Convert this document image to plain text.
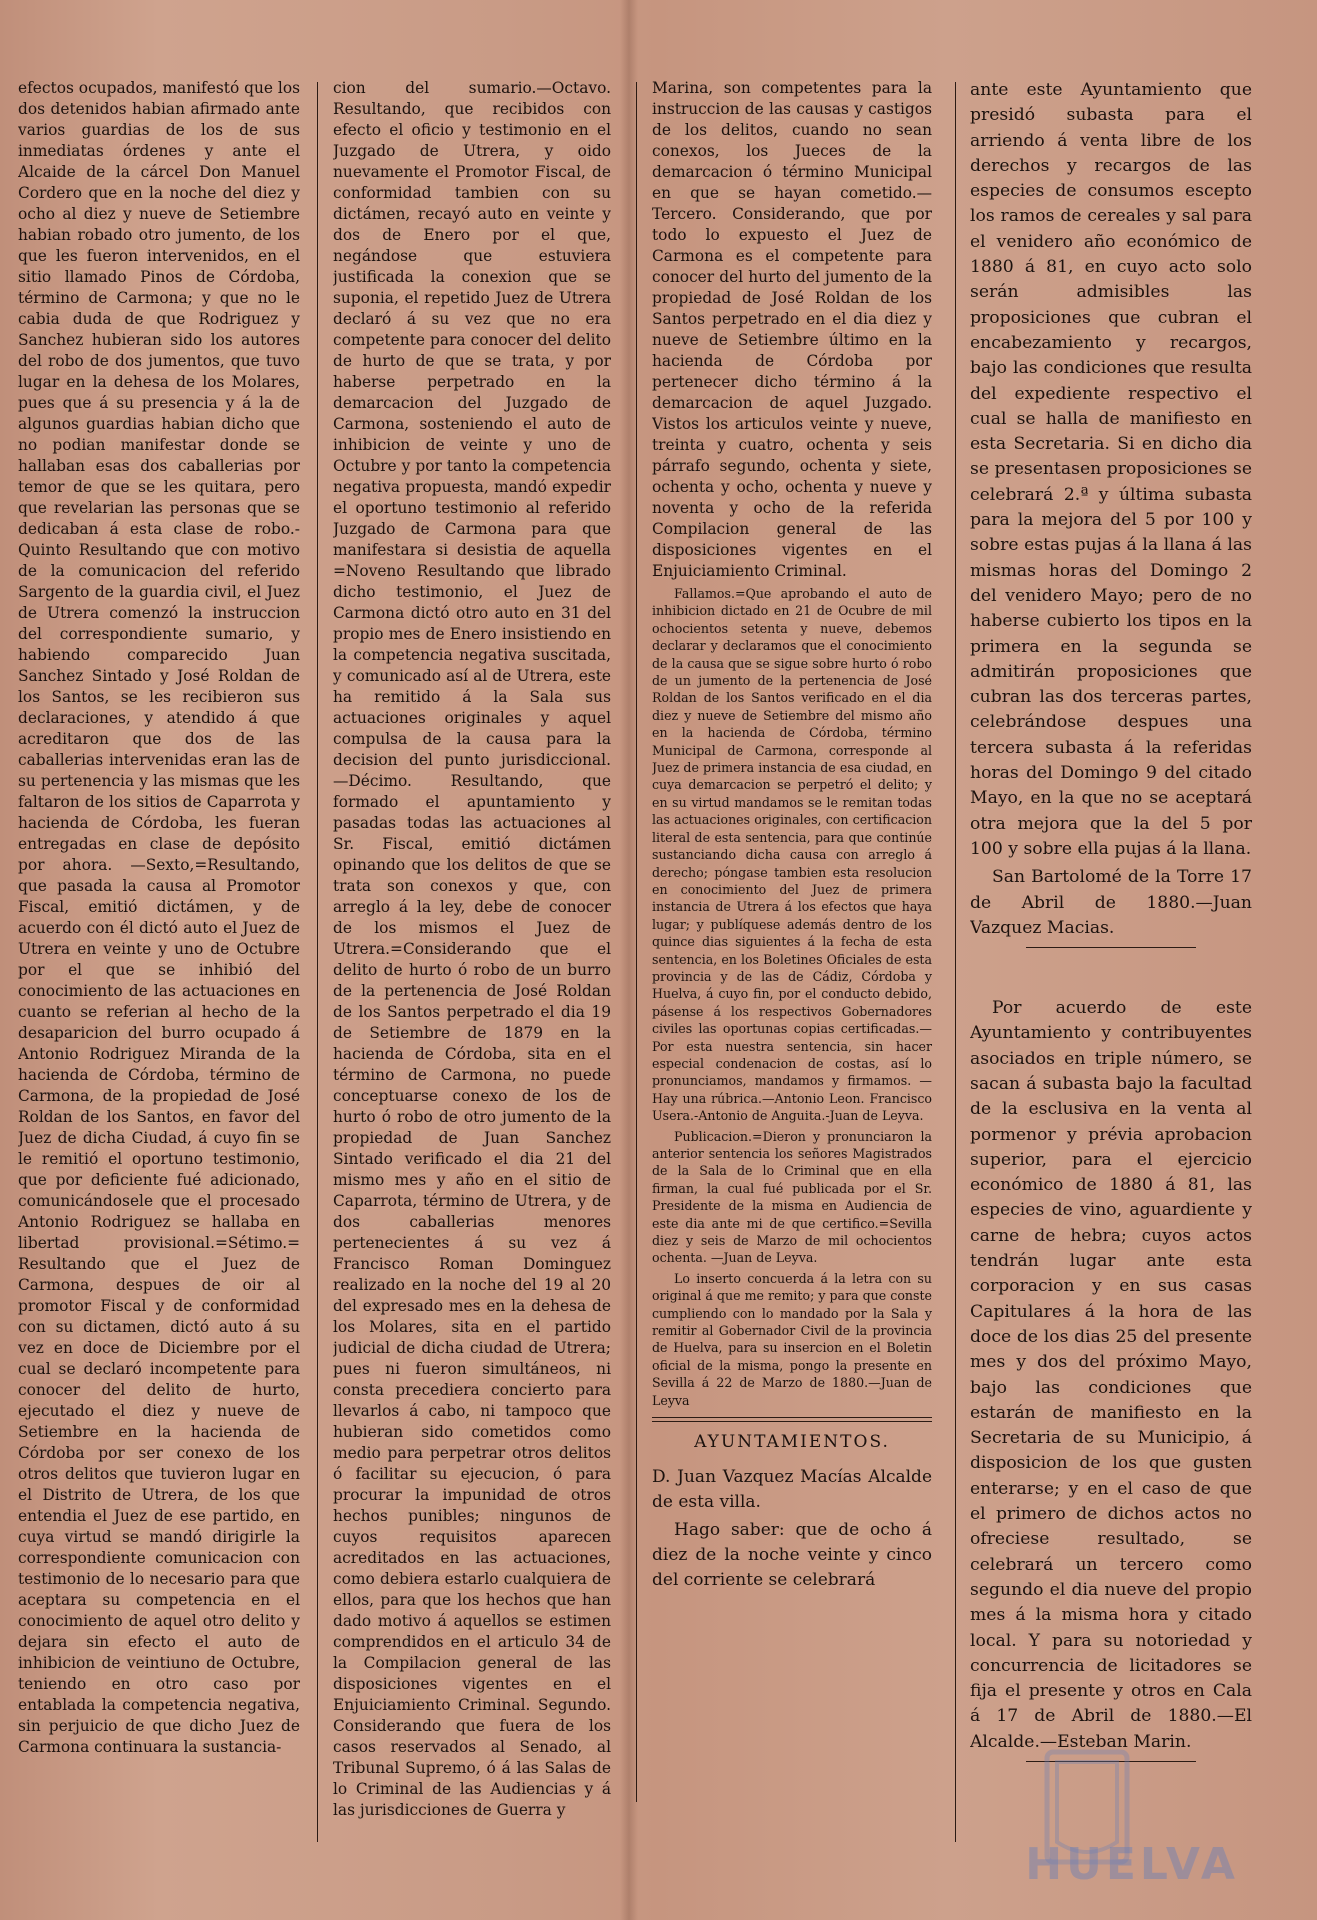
efectos ocupados, manifestó que los dos detenidos habian afirmado ante varios guardias de los de sus inmediatas órdenes y ante el Alcaide de la cárcel Don Manuel Cordero que en la noche del diez y ocho al diez y nueve de Setiembre habian robado otro jumento, de los que les fueron intervenidos, en el sitio llamado Pinos de Córdoba, término de Carmona; y que no le cabia duda de que Rodriguez y Sanchez hubieran sido los autores del robo de dos jumentos, que tuvo lugar en la dehesa de los Molares, pues que á su presencia y á la de algunos guardias habian dicho que no podian manifestar donde se hallaban esas dos caballerias por temor de que se les quitara, pero que revelarian las personas que se dedicaban á esta clase de robo.-Quinto Resultando que con motivo de la comunicacion del referido Sargento de la guardia civil, el Juez de Utrera comenzó la instruccion del correspondiente sumario, y habiendo comparecido Juan Sanchez Sintado y José Roldan de los Santos, se les recibieron sus declaraciones, y atendido á que acreditaron que dos de las caballerias intervenidas eran las de su pertenencia y las mismas que les faltaron de los sitios de Caparrota y hacienda de Córdoba, les fueran entregadas en clase de depósito por ahora. —Sexto,=Resultando, que pasada la causa al Promotor Fiscal, emitió dictámen, y de acuerdo con él dictó auto el Juez de Utrera en veinte y uno de Octubre por el que se inhibió del conocimiento de las actuaciones en cuanto se referian al hecho de la desaparicion del burro ocupado á Antonio Rodriguez Miranda de la hacienda de Córdoba, término de Carmona, de la propiedad de José Roldan de los Santos, en favor del Juez de dicha Ciudad, á cuyo fin se le remitió el oportuno testimonio, que por deficiente fué adicionado, comunicándosele que el procesado Antonio Rodriguez se hallaba en libertad provisional.=Sétimo.= Resultando que el Juez de Carmona, despues de oir al promotor Fiscal y de conformidad con su dictamen, dictó auto á su vez en doce de Diciembre por el cual se declaró incompetente para conocer del delito de hurto, ejecutado el diez y nueve de Setiembre en la hacienda de Córdoba por ser conexo de los otros delitos que tuvieron lugar en el Distrito de Utrera, de los que entendia el Juez de ese partido, en cuya virtud se mandó dirigirle la correspondiente comunicacion con testimonio de lo necesario para que aceptara su competencia en el conocimiento de aquel otro delito y dejara sin efecto el auto de inhibicion de veintiuno de Octubre, teniendo en otro caso por entablada la competencia negativa, sin perjuicio de que dicho Juez de Carmona continuara la sustancia-

cion del sumario.—Octavo. Resultando, que recibidos con efecto el oficio y testimonio en el Juzgado de Utrera, y oido nuevamente el Promotor Fiscal, de conformidad tambien con su dictámen, recayó auto en veinte y dos de Enero por el que, negándose que estuviera justificada la conexion que se suponia, el repetido Juez de Utrera declaró á su vez que no era competente para conocer del delito de hurto de que se trata, y por haberse perpetrado en la demarcacion del Juzgado de Carmona, sosteniendo el auto de inhibicion de veinte y uno de Octubre y por tanto la competencia negativa propuesta, mandó expedir el oportuno testimonio al referido Juzgado de Carmona para que manifestara si desistia de aquella =Noveno Resultando que librado dicho testimonio, el Juez de Carmona dictó otro auto en 31 del propio mes de Enero insistiendo en la competencia negativa suscitada, y comunicado así al de Utrera, este ha remitido á la Sala sus actuaciones originales y aquel compulsa de la causa para la decision del punto jurisdiccional. —Décimo. Resultando, que formado el apuntamiento y pasadas todas las actuaciones al Sr. Fiscal, emitió dictámen opinando que los delitos de que se trata son conexos y que, con arreglo á la ley, debe de conocer de los mismos el Juez de Utrera.=Considerando que el delito de hurto ó robo de un burro de la pertenencia de José Roldan de los Santos perpetrado el dia 19 de Setiembre de 1879 en la hacienda de Córdoba, sita en el término de Carmona, no puede conceptuarse conexo de los de hurto ó robo de otro jumento de la propiedad de Juan Sanchez Sintado verificado el dia 21 del mismo mes y año en el sitio de Caparrota, término de Utrera, y de dos caballerias menores pertenecientes á su vez á Francisco Roman Dominguez realizado en la noche del 19 al 20 del expresado mes en la dehesa de los Molares, sita en el partido judicial de dicha ciudad de Utrera; pues ni fueron simultáneos, ni consta precediera concierto para llevarlos á cabo, ni tampoco que hubieran sido cometidos como medio para perpetrar otros delitos ó facilitar su ejecucion, ó para procurar la impunidad de otros hechos punibles; ningunos de cuyos requisitos aparecen acreditados en las actuaciones, como debiera estarlo cualquiera de ellos, para que los hechos que han dado motivo á aquellos se estimen comprendidos en el articulo 34 de la Compilacion general de las disposiciones vigentes en el Enjuiciamiento Criminal. Segundo. Considerando que fuera de los casos reservados al Senado, al Tribunal Supremo, ó á las Salas de lo Criminal de las Audiencias y á las jurisdicciones de Guerra y

Marina, son competentes para la instruccion de las causas y castigos de los delitos, cuando no sean conexos, los Jueces de la demarcacion ó término Municipal en que se hayan cometido.—Tercero. Considerando, que por todo lo expuesto el Juez de Carmona es el competente para conocer del hurto del jumento de la propiedad de José Roldan de los Santos perpetrado en el dia diez y nueve de Setiembre último en la hacienda de Córdoba por pertenecer dicho término á la demarcacion de aquel Juzgado. Vistos los articulos veinte y nueve, treinta y cuatro, ochenta y seis párrafo segundo, ochenta y siete, ochenta y ocho, ochenta y nueve y noventa y ocho de la referida Compilacion general de las disposiciones vigentes en el Enjuiciamiento Criminal.

Fallamos.=Que aprobando el auto de inhibicion dictado en 21 de Ocubre de mil ochocientos setenta y nueve, debemos declarar y declaramos que el conocimiento de la causa que se sigue sobre hurto ó robo de un jumento de la pertenencia de José Roldan de los Santos verificado en el dia diez y nueve de Setiembre del mismo año en la hacienda de Córdoba, término Municipal de Carmona, corresponde al Juez de primera instancia de esa ciudad, en cuya demarcacion se perpetró el delito; y en su virtud mandamos se le remitan todas las actuaciones originales, con certificacion literal de esta sentencia, para que continúe sustanciando dicha causa con arreglo á derecho; póngase tambien esta resolucion en conocimiento del Juez de primera instancia de Utrera á los efectos que haya lugar; y publíquese además dentro de los quince dias siguientes á la fecha de esta sentencia, en los Boletines Oficiales de esta provincia y de las de Cádiz, Córdoba y Huelva, á cuyo fin, por el conducto debido, pásense á los respectivos Gobernadores civiles las oportunas copias certificadas.—Por esta nuestra sentencia, sin hacer especial condenacion de costas, así lo pronunciamos, mandamos y firmamos. —Hay una rúbrica.—Antonio Leon. Francisco Usera.-Antonio de Anguita.-Juan de Leyva.

Publicacion.=Dieron y pronunciaron la anterior sentencia los señores Magistrados de la Sala de lo Criminal que en ella firman, la cual fué publicada por el Sr. Presidente de la misma en Audiencia de este dia ante mi de que certifico.=Sevilla diez y seis de Marzo de mil ochocientos ochenta. —Juan de Leyva.

Lo inserto concuerda á la letra con su original á que me remito; y para que conste cumpliendo con lo mandado por la Sala y remitir al Gobernador Civil de la provincia de Huelva, para su insercion en el Boletin oficial de la misma, pongo la presente en Sevilla á 22 de Marzo de 1880.—Juan de Leyva

AYUNTAMIENTOS.

D. Juan Vazquez Macías Alcalde de esta villa.

Hago saber: que de ocho á diez de la noche veinte y cinco del corriente se celebrará

ante este Ayuntamiento que presidó subasta para el arriendo á venta libre de los derechos y recargos de las especies de consumos escepto los ramos de cereales y sal para el venidero año económico de 1880 á 81, en cuyo acto solo serán admisibles las proposiciones que cubran el encabezamiento y recargos, bajo las condiciones que resulta del expediente respectivo el cual se halla de manifiesto en esta Secretaria. Si en dicho dia se presentasen proposiciones se celebrará 2.ª y última subasta para la mejora del 5 por 100 y sobre estas pujas á la llana á las mismas horas del Domingo 2 del venidero Mayo; pero de no haberse cubierto los tipos en la primera en la segunda se admitirán proposiciones que cubran las dos terceras partes, celebrándose despues una tercera subasta á la referidas horas del Domingo 9 del citado Mayo, en la que no se aceptará otra mejora que la del 5 por 100 y sobre ella pujas á la llana.

San Bartolomé de la Torre 17 de Abril de 1880.—Juan Vazquez Macias.

Por acuerdo de este Ayuntamiento y contribuyentes asociados en triple número, se sacan á subasta bajo la facultad de la esclusiva en la venta al pormenor y prévia aprobacion superior, para el ejercicio económico de 1880 á 81, las especies de vino, aguardiente y carne de hebra; cuyos actos tendrán lugar ante esta corporacion y en sus casas Capitulares á la hora de las doce de los dias 25 del presente mes y dos del próximo Mayo, bajo las condiciones que estarán de manifiesto en la Secretaria de su Municipio, á disposicion de los que gusten enterarse; y en el caso de que el primero de dichos actos no ofreciese resultado, se celebrará un tercero como segundo el dia nueve del propio mes á la misma hora y citado local. Y para su notoriedad y concurrencia de licitadores se fija el presente y otros en Cala á 17 de Abril de 1880.—El Alcalde.—Esteban Marin.

HUELVA
